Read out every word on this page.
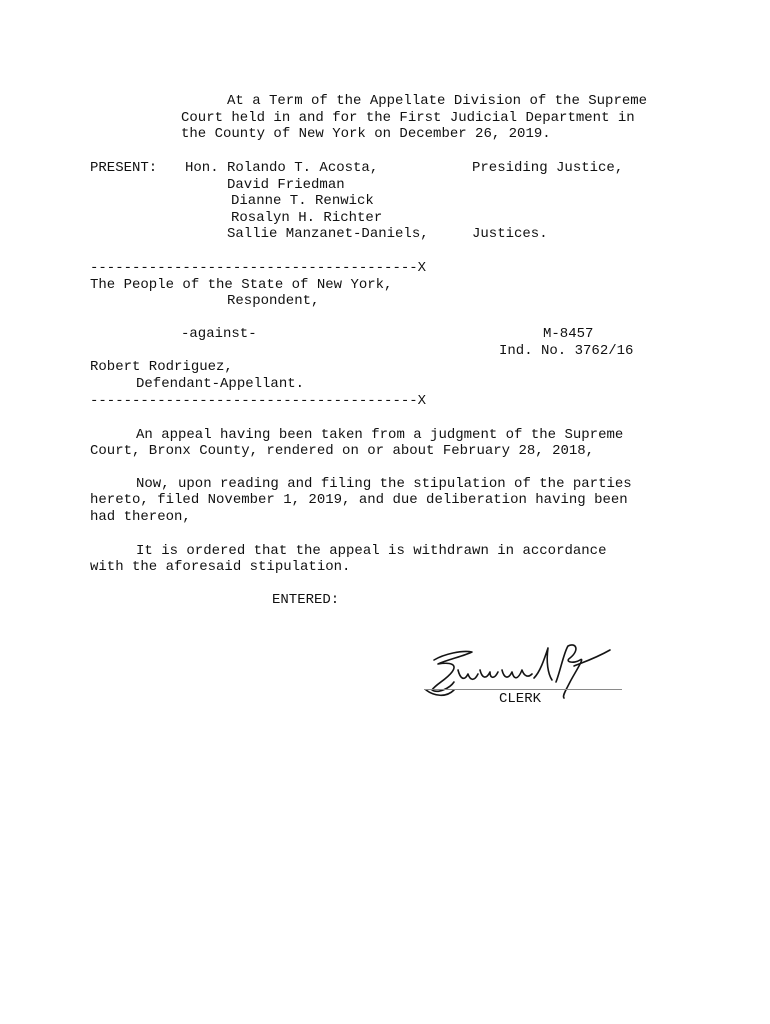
At a Term of the Appellate Division of the Supreme
Court held in and for the First Judicial Department in
the County of New York on December 26, 2019.
PRESENT: Hon. Rolando T. Acosta,	Presiding Justice,
David Friedman
Dianne T. Renwick
Rosalyn H. Richter
Sallie Manzanet-Daniels,	Justices.
---------------------------------------X
The People of the State of New York,
Respondent,
-against-	M-8457
Ind. No. 3762/16
Robert Rodriguez,
Defendant-Appellant.
---------------------------------------X
An appeal having been taken from a judgment of the Supreme
Court, Bronx County, rendered on or about February 28, 2018,
Now, upon reading and filing the stipulation of the parties
hereto, filed November 1, 2019, and due deliberation having been
had thereon,
It is ordered that the appeal is withdrawn in accordance
with the aforesaid stipulation.
ENTERED:
CLERK
